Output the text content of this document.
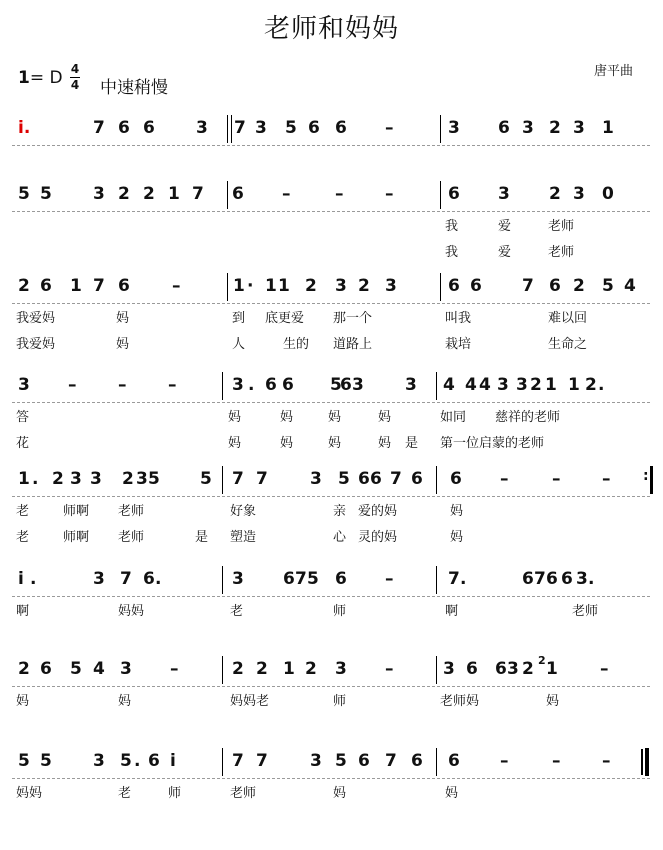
老师和妈妈
唐平曲
1= D 4
4 中速稍慢
i.	7 6 6 3 7 3 5 6 6 –	3 6 3 2 3 1
5 5 3 2 2 1 7 6 –	– –	6 3 2 3 0
我	爱	老师
我	爱	老师
2 6 1 7 6 –	1 · 1 1 2 3 2 3	6 6 7 6 2 5 4
我爱妈	妈	到 底更爱 那一个	叫我	难以回
我爱妈	妈	人	生的 道路上	栽培	生命之
3 – – –	3 . 6 6 5
6 3 3 4 4 4 3 3 2 1 1 2 .
答	妈	妈	妈	妈	如同 慈祥的老师
花	妈	妈	妈	妈 是 第一位启蒙的老师
1 . 2 3 3 2 3 5 5 7 7 3 5 6 6 7 6 6 –	– – :
老	师啊 老师	好象	亲 爱的妈	妈
老	师啊 老师	是 塑造	心 灵的妈	妈
i .	3 7 6 .	3 6 7 5 6 –	7 .	6 7 6 6 3 .
啊	妈妈	老	师	啊	老师
2 6 5 4 3 –	2 2 1 2 3 –	3 6 6 3 2 2 1 –
妈	妈	妈妈老	师	老师妈	妈
5 5 3 5 . 6 i	7 7 3 5 6 7 6 6 –	– –
妈妈	老	师	老师	妈	妈
